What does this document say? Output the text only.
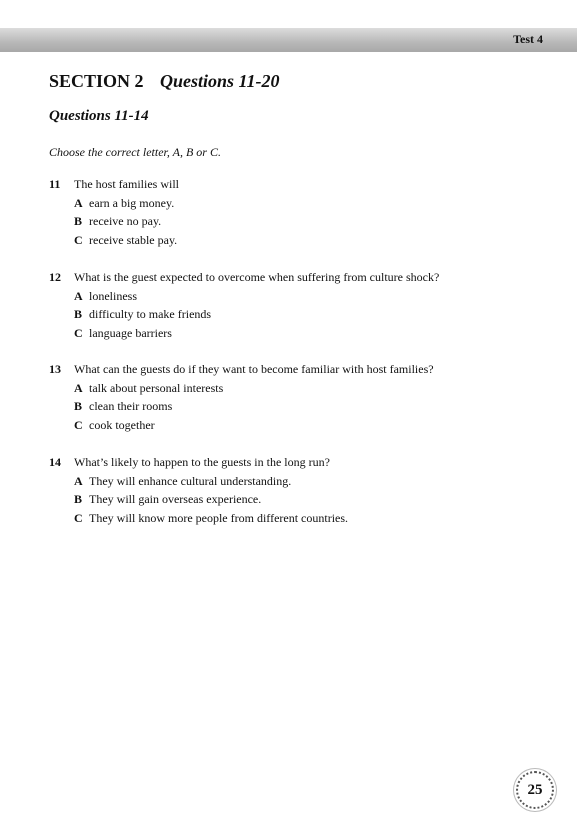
Test 4
SECTION 2 Questions 11-20
Questions 11-14
Choose the correct letter, A, B or C.
11 The host families will
A earn a big money.
B receive no pay.
C receive stable pay.
12 What is the guest expected to overcome when suffering from culture shock?
A loneliness
B difficulty to make friends
C language barriers
13 What can the guests do if they want to become familiar with host families?
A talk about personal interests
B clean their rooms
C cook together
14 What’s likely to happen to the guests in the long run?
A They will enhance cultural understanding.
B They will gain overseas experience.
C They will know more people from different countries.
25
